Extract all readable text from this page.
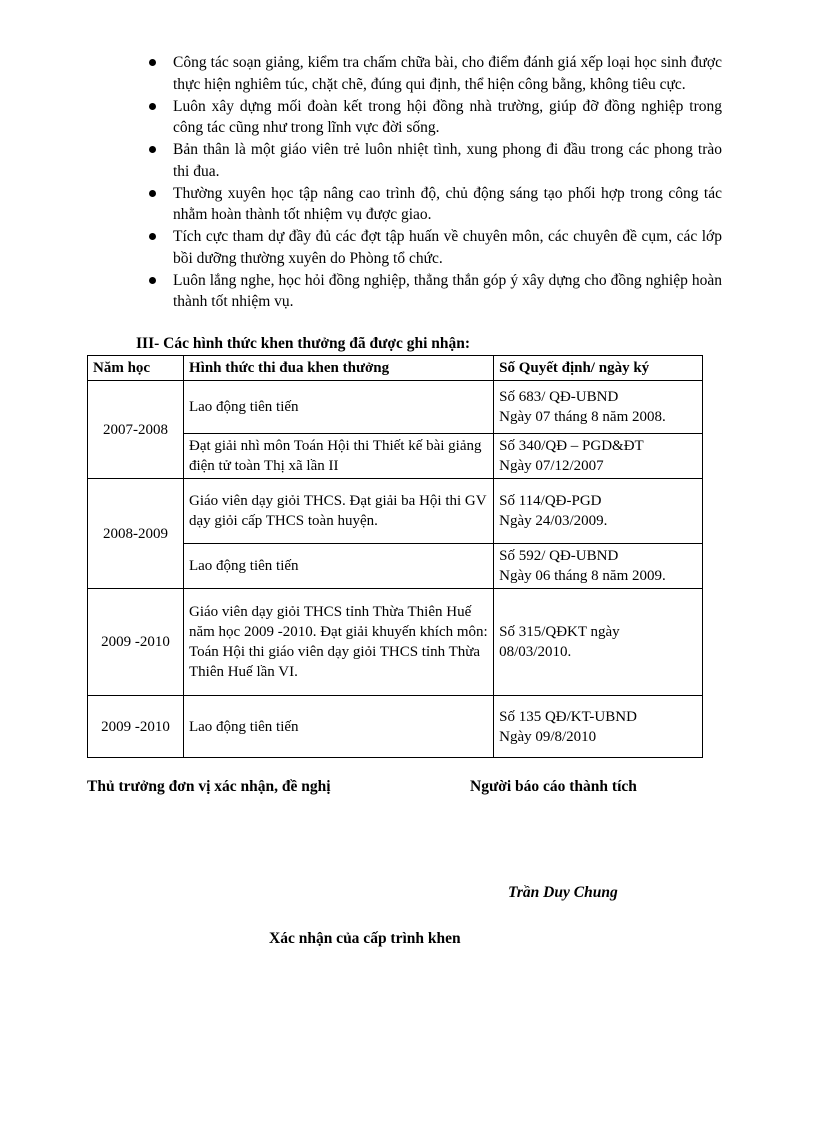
Công tác soạn giảng, kiểm tra chấm chữa bài, cho điểm đánh giá xếp loại học sinh được thực hiện nghiêm túc, chặt chẽ, đúng qui định, thể hiện công bằng, không tiêu cực.
Luôn xây dựng mối đoàn kết trong hội đồng nhà trường, giúp đỡ đồng nghiệp trong công tác cũng như trong lĩnh vực đời sống.
Bản thân là một giáo viên trẻ luôn nhiệt tình, xung phong đi đầu trong các phong trào thi đua.
Thường xuyên học tập nâng cao trình độ, chủ động sáng tạo phối hợp trong công tác nhằm hoàn thành tốt nhiệm vụ được giao.
Tích cực tham dự đầy đủ các đợt tập huấn về chuyên môn, các chuyên đề cụm, các lớp bồi dưỡng thường xuyên do Phòng tổ chức.
Luôn lắng nghe, học hỏi đồng nghiệp, thẳng thắn góp ý xây dựng cho đồng nghiệp hoàn thành tốt nhiệm vụ.
III- Các hình thức khen thưởng đã được ghi nhận:
Năm học	Hình thức thi đua khen thưởng	Số Quyết định/ ngày ký
2007-2008	Lao động tiên tiến	Số 683/ QĐ-UBND
Ngày 07 tháng 8 năm 2008.

	Đạt giải nhì môn Toán Hội thi Thiết kế bài giảng điện tử toàn Thị xã lần II	Số 340/QĐ – PGD&ĐT
Ngày 07/12/2007

2008-2009	Giáo viên dạy giỏi THCS. Đạt giải ba Hội thi GV dạy giỏi cấp THCS toàn huyện.	Số 114/QĐ-PGD
Ngày 24/03/2009.

	Lao động tiên tiến	Số 592/ QĐ-UBND
Ngày 06 tháng 8 năm 2009.

2009 -2010	Giáo viên dạy giỏi THCS tỉnh Thừa Thiên Huế năm học 2009 -2010. Đạt giải khuyến khích môn: Toán Hội thi giáo viên dạy giỏi THCS tỉnh Thừa Thiên Huế lần VI.	Số 315/QĐKT ngày
08/03/2010.

2009 -2010	Lao động tiên tiến	Số 135 QĐ/KT-UBND
Ngày 09/8/2010
Thủ trưởng đơn vị xác nhận, đề nghị	Người báo cáo thành tích
Trần Duy Chung
Xác nhận của cấp trình khen
